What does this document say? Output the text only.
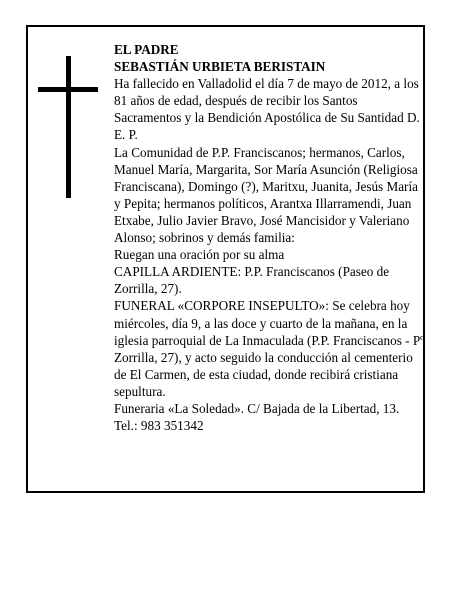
EL PADRE

SEBASTIÁN URBIETA BERISTAIN

Ha fallecido en Valladolid el día 7 de mayo de 2012, a los 81 años de edad, después de recibir los Santos Sacramentos y la Bendición Apostólica de Su Santidad D. E. P.

La Comunidad de P.P. Franciscanos; hermanos, Carlos, Manuel María, Margarita, Sor María Asunción (Religiosa Franciscana), Domingo (?), Maritxu, Juanita, Jesús María y Pepita; hermanos políticos, Arantxa Illarramendi, Juan Etxabe, Julio Javier Bravo, José Mancisidor y Valeriano Alonso; sobrinos y demás familia:

Ruegan una oración por su alma

CAPILLA ARDIENTE: P.P. Franciscanos (Paseo de Zorrilla, 27).

FUNERAL «CORPORE INSEPULTO»: Se celebra hoy miércoles, día 9, a las doce y cuarto de la mañana, en la iglesia parroquial de La Inmaculada (P.P. Franciscanos - Pº Zorrilla, 27), y acto seguido la conducción al cementerio de El Carmen, de esta ciudad, donde recibirá cristiana sepultura.

Funeraria «La Soledad». C/ Bajada de la Libertad, 13. Tel.: 983 351342
